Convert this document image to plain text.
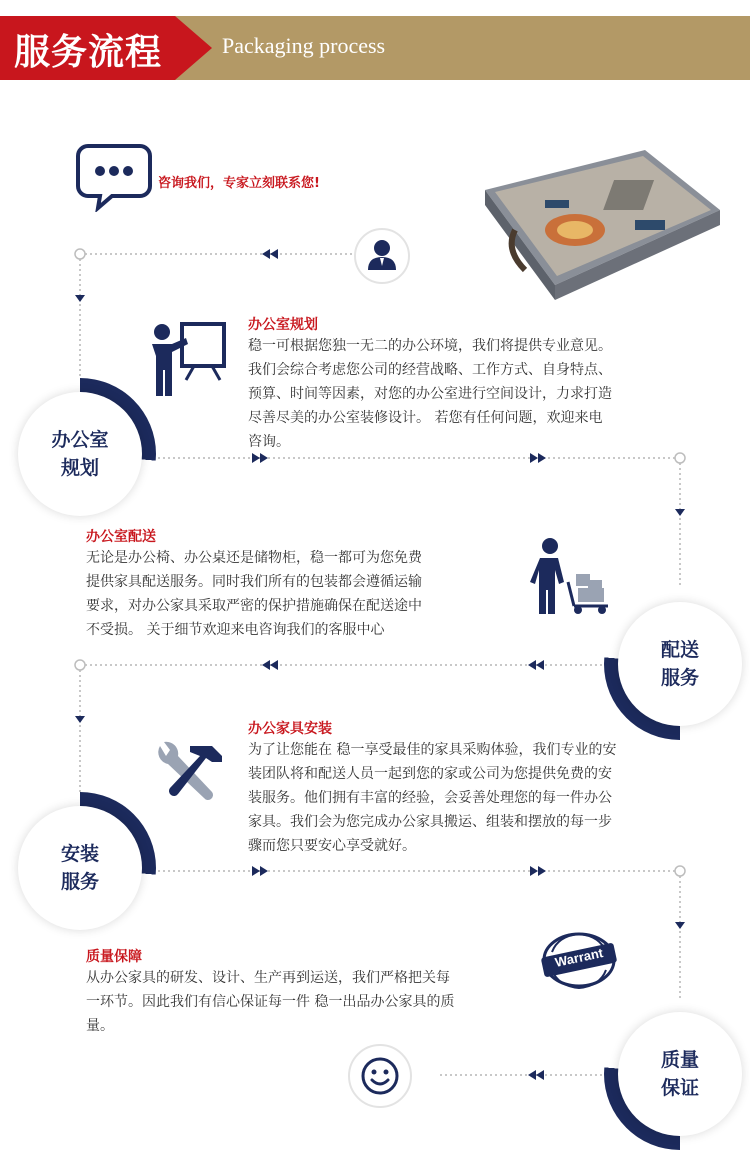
服务流程	Packaging process
咨询我们，专家立刻联系您!
Warrant
办公室规划
稳一可根据您独一无二的办公环境，我们将提供专业意见。
我们会综合考虑您公司的经营战略、工作方式、自身特点、
预算、时间等因素，对您的办公室进行空间设计，力求打造
尽善尽美的办公室装修设计。 若您有任何问题，欢迎来电
咨询。
办公室配送
无论是办公椅、办公桌还是储物柜，稳一都可为您免费
提供家具配送服务。同时我们所有的包装都会遵循运输
要求，对办公家具采取严密的保护措施确保在配送途中
不受损。 关于细节欢迎来电咨询我们的客服中心
办公家具安装
为了让您能在 稳一享受最佳的家具采购体验，我们专业的安
装团队将和配送人员一起到您的家或公司为您提供免费的安
装服务。他们拥有丰富的经验，会妥善处理您的每一件办公
家具。我们会为您完成办公家具搬运、组装和摆放的每一步
骤而您只要安心享受就好。
质量保障
从办公家具的研发、设计、生产再到运送，我们严格把关每
一环节。因此我们有信心保证每一件 稳一出品办公家具的质
量。
办公室
规划
配送
服务
安装
服务
质量
保证
